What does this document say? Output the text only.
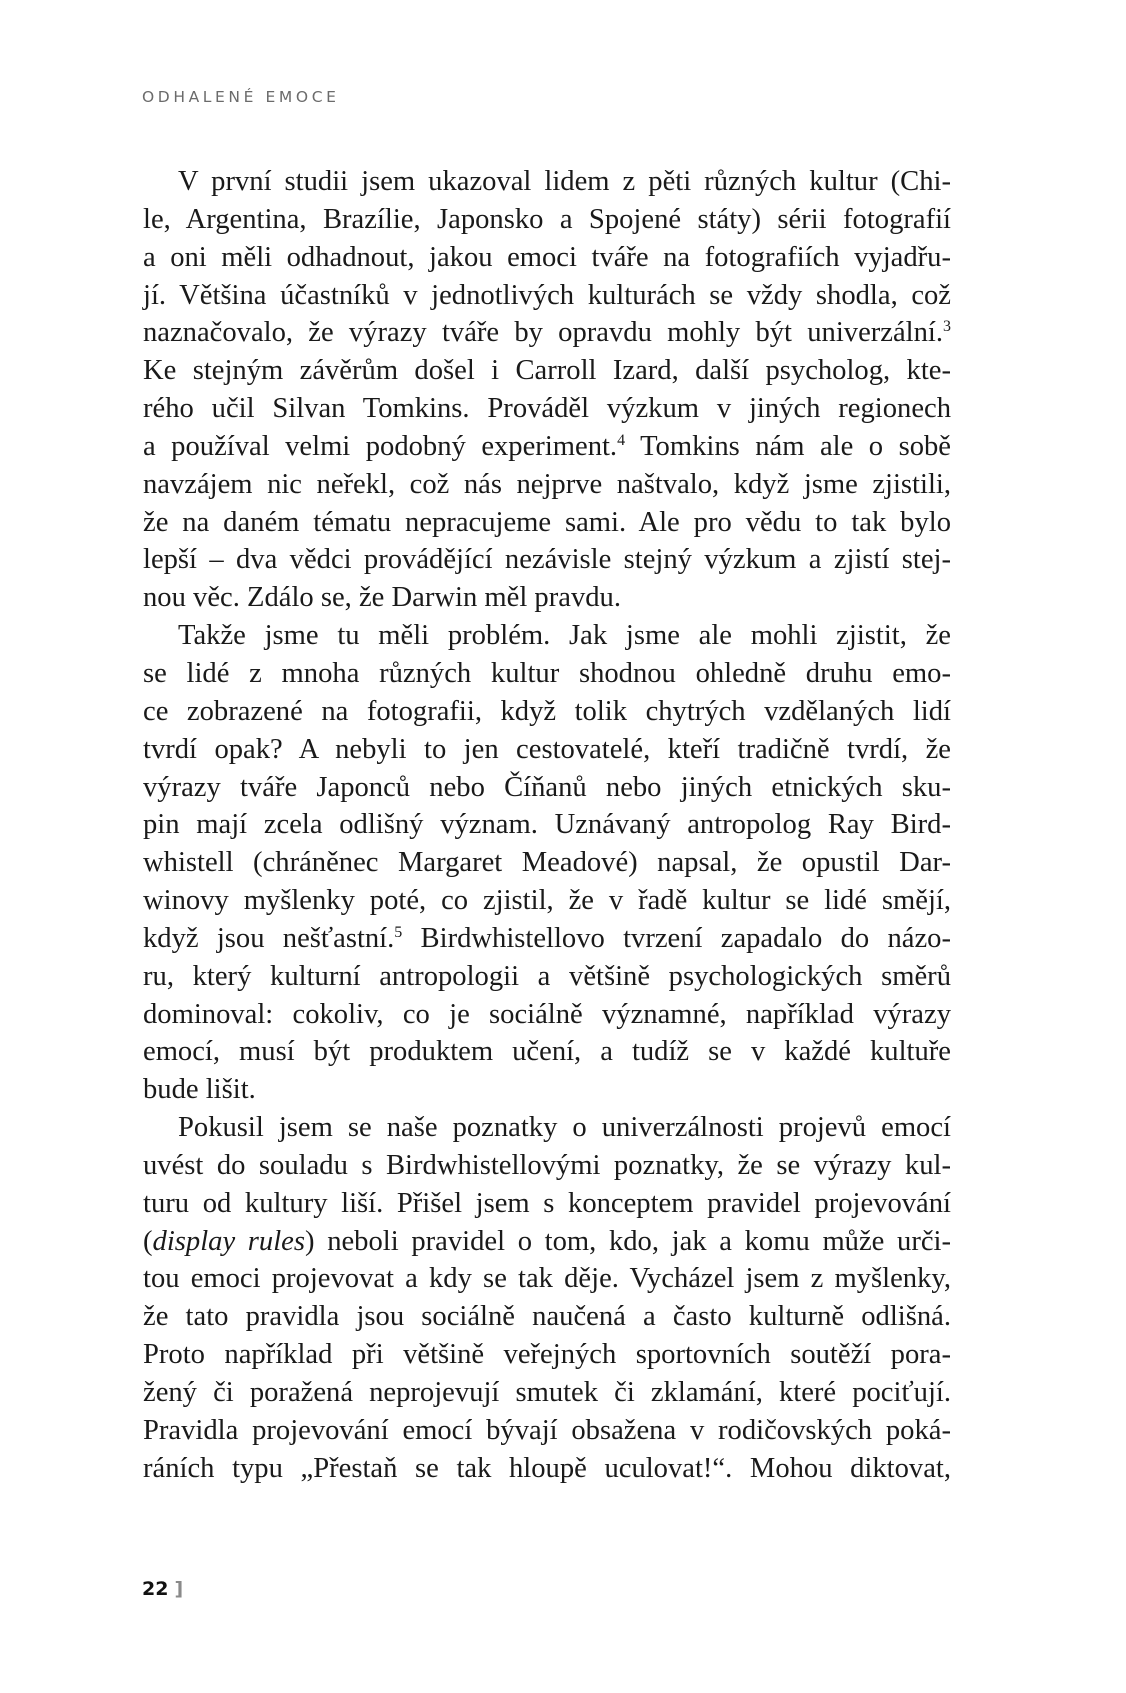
ODHALENÉ EMOCE
V první studii jsem ukazoval lidem z pěti různých kultur (Chi-
le, Argentina, Brazílie, Japonsko a Spojené státy) sérii fotografií
a oni měli odhadnout, jakou emoci tváře na fotografiích vyjadřu-
jí. Většina účastníků v jednotlivých kulturách se vždy shodla, což
naznačovalo, že výrazy tváře by opravdu mohly být univerzální.$^3$
Ke stejným závěrům došel i Carroll Izard, další psycholog, kte-
rého učil Silvan Tomkins. Prováděl výzkum v jiných regionech
a používal velmi podobný experiment.$^4$ Tomkins nám ale o sobě
navzájem nic neřekl, což nás nejprve naštvalo, když jsme zjistili,
že na daném tématu nepracujeme sami. Ale pro vědu to tak bylo
lepší – dva vědci provádějící nezávisle stejný výzkum a zjistí stej-
nou věc. Zdálo se, že Darwin měl pravdu.
Takže jsme tu měli problém. Jak jsme ale mohli zjistit, že
se lidé z mnoha různých kultur shodnou ohledně druhu emo-
ce zobrazené na fotografii, když tolik chytrých vzdělaných lidí
tvrdí opak? A nebyli to jen cestovatelé, kteří tradičně tvrdí, že
výrazy tváře Japonců nebo Číňanů nebo jiných etnických sku-
pin mají zcela odlišný význam. Uznávaný antropolog Ray Bird-
whistell (chráněnec Margaret Meadové) napsal, že opustil Dar-
winovy myšlenky poté, co zjistil, že v řadě kultur se lidé smějí,
když jsou nešťastní.$^5$ Birdwhistellovo tvrzení zapadalo do názo-
ru, který kulturní antropologii a většině psychologických směrů
dominoval: cokoliv, co je sociálně významné, například výrazy
emocí, musí být produktem učení, a tudíž se v každé kultuře
bude lišit.
Pokusil jsem se naše poznatky o univerzálnosti projevů emocí
uvést do souladu s Birdwhistellovými poznatky, že se výrazy kul-
turu od kultury liší. Přišel jsem s konceptem pravidel projevování
(display rules) neboli pravidel o tom, kdo, jak a komu může urči-
tou emoci projevovat a kdy se tak děje. Vycházel jsem z myšlenky,
že tato pravidla jsou sociálně naučená a často kulturně odlišná.
Proto například při většině veřejných sportovních soutěží pora-
žený či poražená neprojevují smutek či zklamání, které pociťují.
Pravidla projevování emocí bývají obsažena v rodičovských poká-
ráních typu „Přestaň se tak hloupě uculovat!“. Mohou diktovat,
22 ]
